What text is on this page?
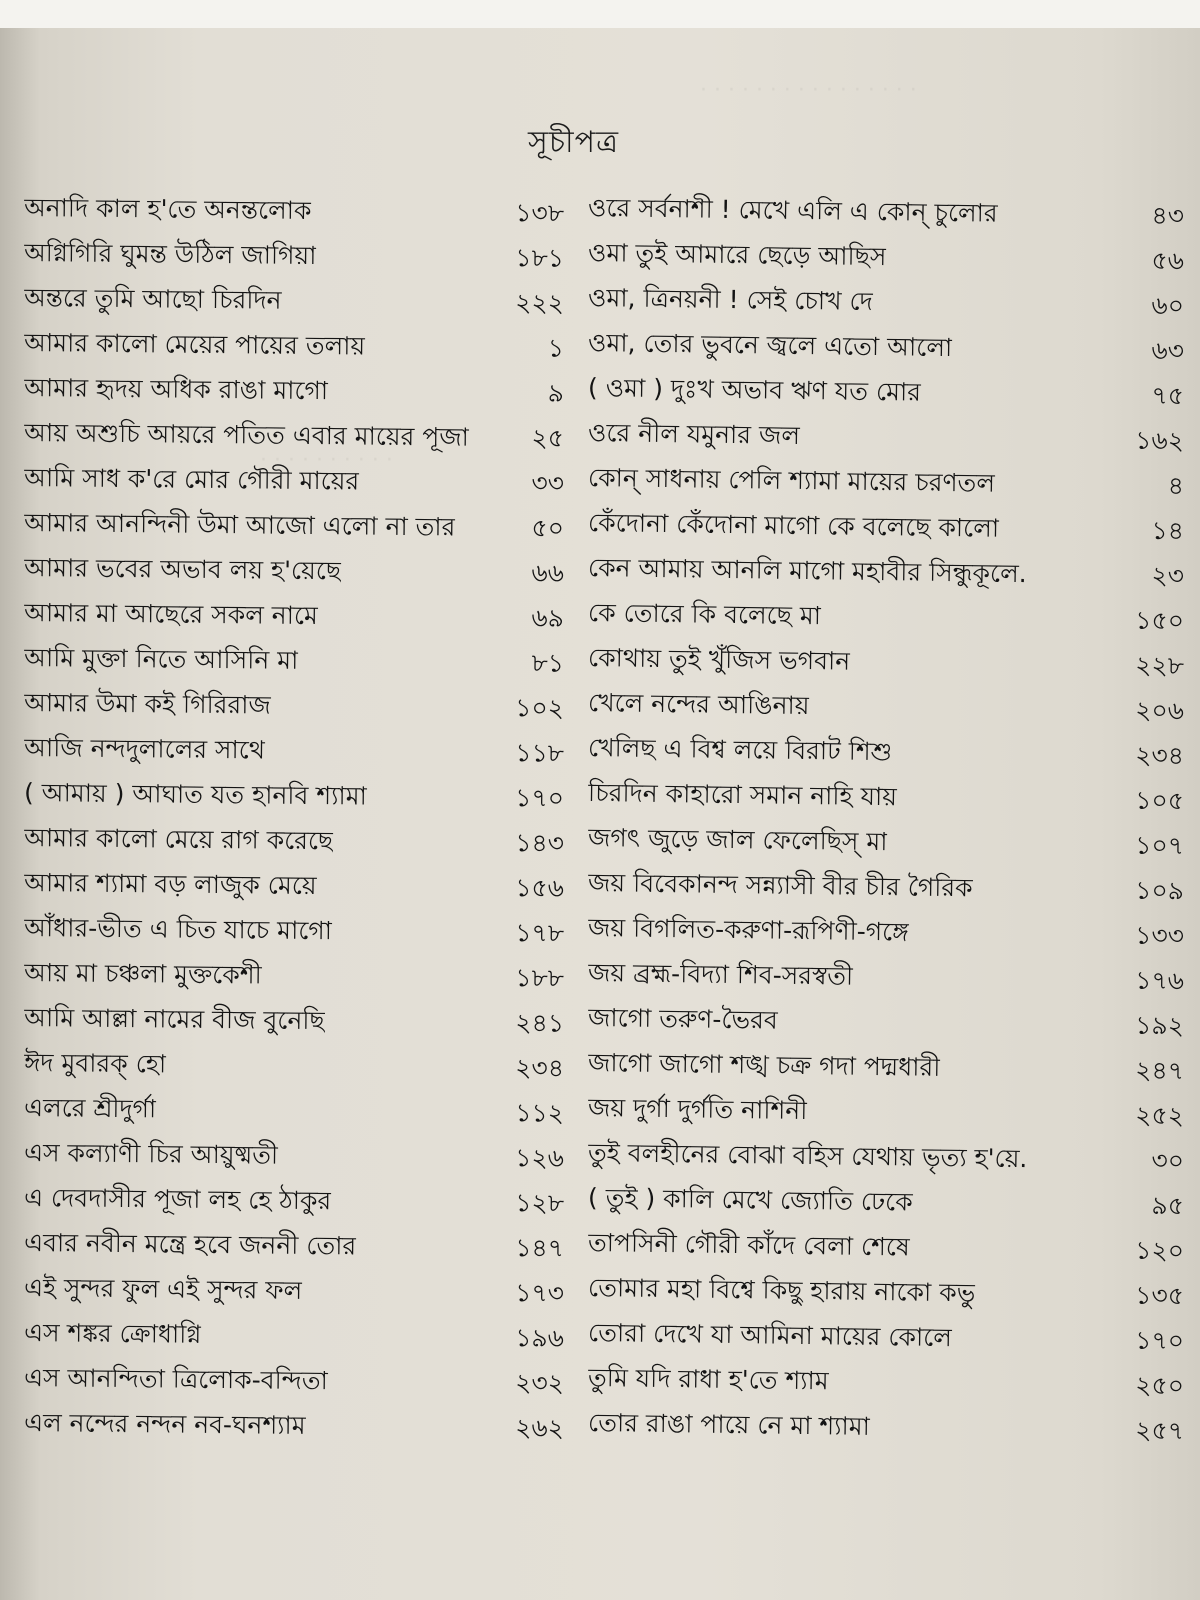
· · · · · · · · · · · · · · · ·
· · · · · · · · · ·
সূচীপত্র
অনাদি কাল হ'তে অনন্তলোক	১৩৮
অগ্নিগিরি ঘুমন্ত উঠিল জাগিয়া	১৮১
অন্তরে তুমি আছো চিরদিন	২২২
আমার কালো মেয়ের পায়ের তলায়	১
আমার হৃদয় অধিক রাঙা মাগো	৯
আয় অশুচি আয়রে পতিত এবার মায়ের পূজা	২৫
আমি সাধ ক'রে মোর গৌরী মায়ের	৩৩
আমার আনন্দিনী উমা আজো এলো না তার	৫০
আমার ভবের অভাব লয় হ'য়েছে	৬৬
আমার মা আছেরে সকল নামে	৬৯
আমি মুক্তা নিতে আসিনি মা	৮১
আমার উমা কই গিরিরাজ	১০২
আজি নন্দদুলালের সাথে	১১৮
( আমায় ) আঘাত যত হানবি শ্যামা	১৭০
আমার কালো মেয়ে রাগ করেছে	১৪৩
আমার শ্যামা বড় লাজুক মেয়ে	১৫৬
আঁধার-ভীত এ চিত যাচে মাগো	১৭৮
আয় মা চঞ্চলা মুক্তকেশী	১৮৮
আমি আল্লা নামের বীজ বুনেছি	২৪১
ঈদ মুবারক্ হো	২৩৪
এলরে শ্রীদুর্গা	১১২
এস কল্যাণী চির আয়ুষ্মতী	১২৬
এ দেবদাসীর পূজা লহ হে ঠাকুর	১২৮
এবার নবীন মন্ত্রে হবে জননী তোর	১৪৭
এই সুন্দর ফুল এই সুন্দর ফল	১৭৩
এস শঙ্কর ক্রোধাগ্নি	১৯৬
এস আনন্দিতা ত্রিলোক-বন্দিতা	২৩২
এল নন্দের নন্দন নব-ঘনশ্যাম	২৬২
ওরে সর্বনাশী ! মেখে এলি এ কোন্ চুলোর	৪৩
ওমা তুই আমারে ছেড়ে আছিস	৫৬
ওমা, ত্রিনয়নী ! সেই চোখ দে	৬০
ওমা, তোর ভুবনে জ্বলে এতো আলো	৬৩
( ওমা ) দুঃখ অভাব ঋণ যত মোর	৭৫
ওরে নীল যমুনার জল	১৬২
কোন্ সাধনায় পেলি শ্যামা মায়ের চরণতল	৪
কেঁদোনা কেঁদোনা মাগো কে বলেছে কালো	১৪
কেন আমায় আনলি মাগো মহাবীর সিন্ধুকূলে.	২৩
কে তোরে কি বলেছে মা	১৫০
কোথায় তুই খুঁজিস ভগবান	২২৮
খেলে নন্দের আঙিনায়	২০৬
খেলিছ এ বিশ্ব লয়ে বিরাট শিশু	২৩৪
চিরদিন কাহারো সমান নাহি যায়	১০৫
জগৎ জুড়ে জাল ফেলেছিস্ মা	১০৭
জয় বিবেকানন্দ সন্ন্যাসী বীর চীর গৈরিক	১০৯
জয় বিগলিত-করুণা-রূপিণী-গঙ্গে	১৩৩
জয় ব্রহ্ম-বিদ্যা শিব-সরস্বতী	১৭৬
জাগো তরুণ-ভৈরব	১৯২
জাগো জাগো শঙ্খ চক্র গদা পদ্মধারী	২৪৭
জয় দুর্গা দুর্গতি নাশিনী	২৫২
তুই বলহীনের বোঝা বহিস যেথায় ভৃত্য হ'য়ে.	৩০
( তুই ) কালি মেখে জ্যোতি ঢেকে	৯৫
তাপসিনী গৌরী কাঁদে বেলা শেষে	১২০
তোমার মহা বিশ্বে কিছু হারায় নাকো কভু	১৩৫
তোরা দেখে যা আমিনা মায়ের কোলে	১৭০
তুমি যদি রাধা হ'তে শ্যাম	২৫০
তোর রাঙা পায়ে নে মা শ্যামা	২৫৭
